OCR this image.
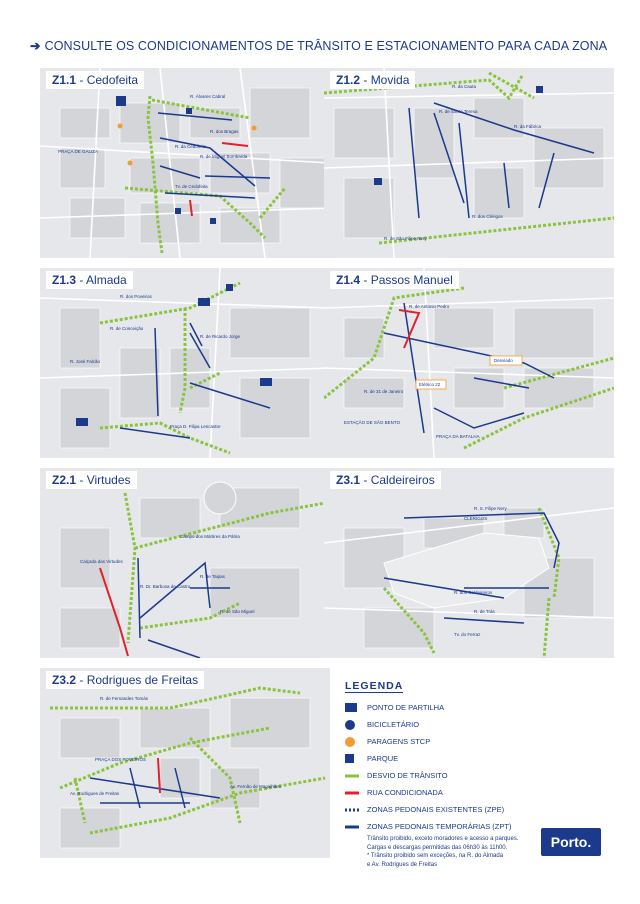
➔ CONSULTE OS CONDICIONAMENTOS DE TRÂNSITO E ESTACIONAMENTO PARA CADA ZONA
Z1.1 - Cedofeita
PRAÇA DE GALIZA
R. Álvares Cabral
R. da Cedofeita
R. de Miguel Bombarda
Tv. de Cedofeita
R. dos Bragas
Z1.2 - Movida	R. da Cauta
R. de Santa Teresa
R. da Fábrica
R. dos Clérigos
R. de São Filipe Nery
Z1.3 - Almada
R. dos Poveiros
R. de Conceição
R. de Ricardo Jorge
R. José Falcão
Praça D. Filipa Lencastre
Z1.4 - Passos Manuel
Desviado
Elétrico 22
R. de António Pedro
R. de 31 de Janeiro
ESTAÇÃO DE SÃO BENTO
PRAÇA DA BATALHA
Z2.1 - Virtudes
Campo dos Mártires da Pátria
R. Dr. Barbosa de Castro
R. de São Miguel
R. de Taipas
Calçada das Virtudes
Z3.1 - Caldeireiros
R. S. Filipe Nery
CLÉRIGOS
R. dos Caldeireiros
R. de Trás
Tv. do Ferraz
Z3.2 - Rodrigues de Freitas
PRAÇA DOS POVEIROS
Av. Rodrigues de Freitas
R. de Fernandes Tomás
Av. Fernão de Magalhães
LEGENDA
PONTO DE PARTILHA
BICICLETÁRIO
PARAGENS STCP
PARQUE
DESVIO DE TRÂNSITO
RUA CONDICIONADA
ZONAS PEDONAIS EXISTENTES (ZPE)
ZONAS PEDONAIS TEMPORÁRIAS (ZPT)
Trânsito proibido, exceto moradores e acesso a parques.
Cargas e descargas permitidas das 06h30 às 11h00.
* Trânsito proibido sem exceções, na R. do Almada
e Av. Rodrigues de Freitas
Porto.
